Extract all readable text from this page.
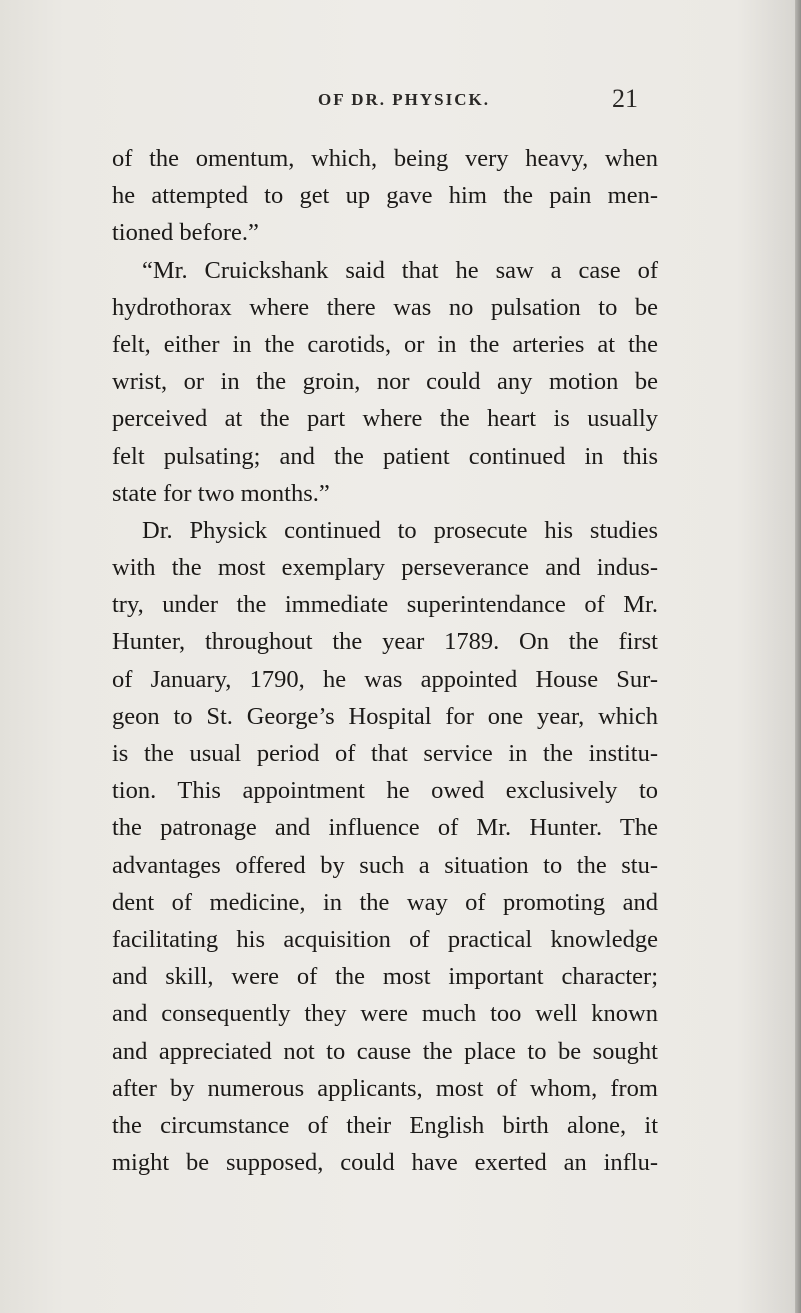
OF DR. PHYSICK.	21
of the omentum, which, being very heavy, when
he attempted to get up gave him the pain men-
tioned before.”
“Mr. Cruickshank said that he saw a case of
hydrothorax where there was no pulsation to be
felt, either in the carotids, or in the arteries at the
wrist, or in the groin, nor could any motion be
perceived at the part where the heart is usually
felt pulsating; and the patient continued in this
state for two months.”
Dr. Physick continued to prosecute his studies
with the most exemplary perseverance and indus-
try, under the immediate superintendance of Mr.
Hunter, throughout the year 1789. On the first
of January, 1790, he was appointed House Sur-
geon to St. George’s Hospital for one year, which
is the usual period of that service in the institu-
tion. This appointment he owed exclusively to
the patronage and influence of Mr. Hunter. The
advantages offered by such a situation to the stu-
dent of medicine, in the way of promoting and
facilitating his acquisition of practical knowledge
and skill, were of the most important character;
and consequently they were much too well known
and appreciated not to cause the place to be sought
after by numerous applicants, most of whom, from
the circumstance of their English birth alone, it
might be supposed, could have exerted an influ-
